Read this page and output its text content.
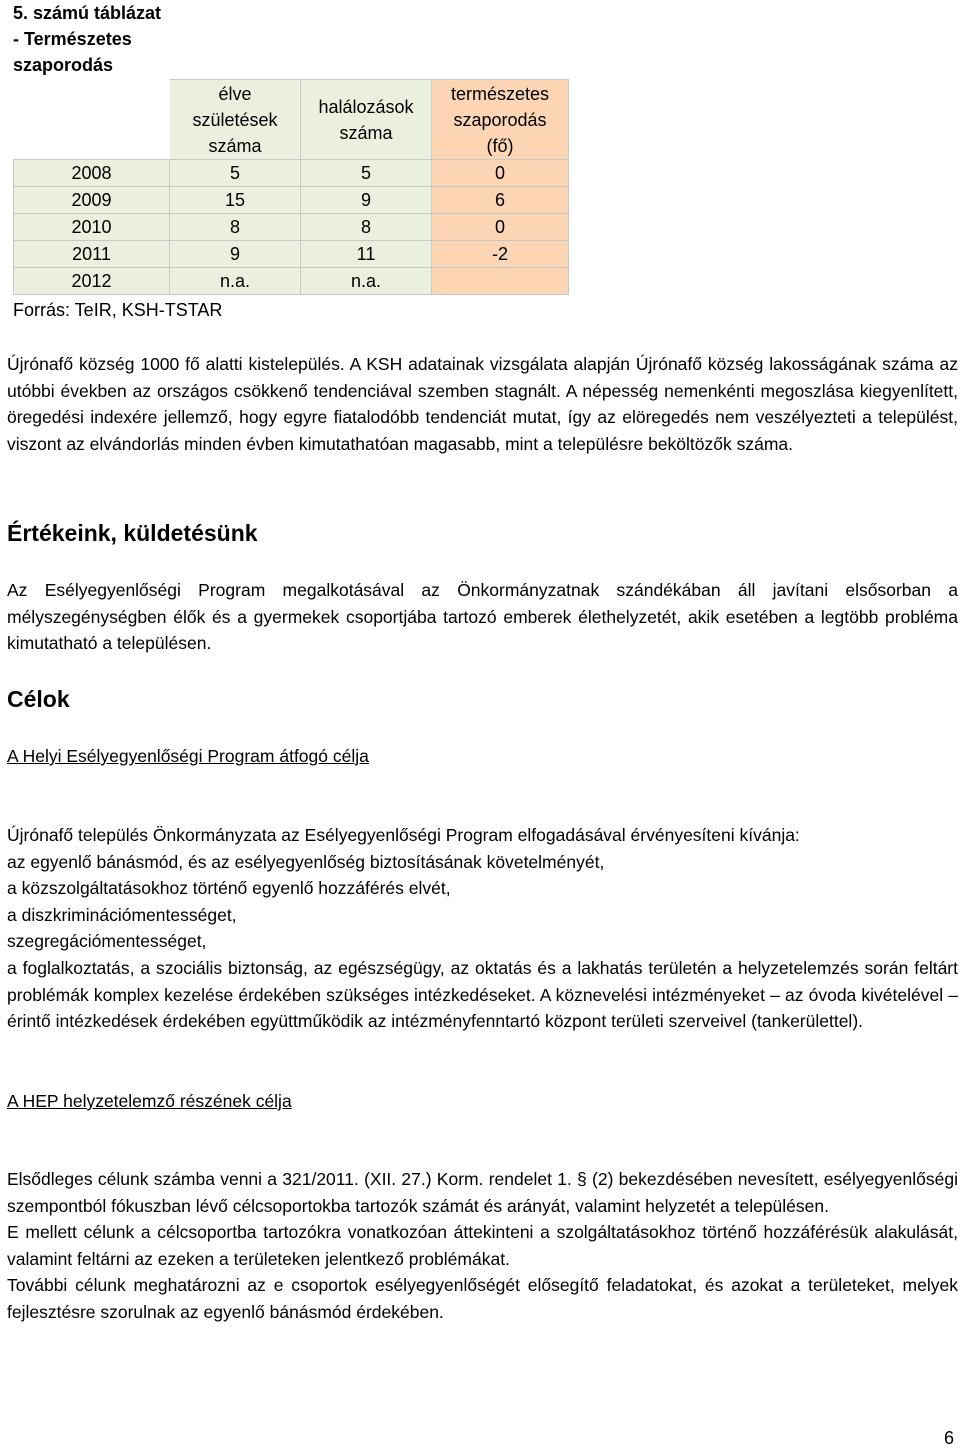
5. számú táblázat
- Természetes
szaporodás

	élve
születések
száma	halálozások
száma	természetes
szaporodás
(fő)

2008	5	5	0
2009	15	9	6
2010	8	8	0
2011	9	11	-2
2012	n.a.	n.a.	
Forrás: TeIR, KSH-TSTAR

Újrónafő község 1000 fő alatti kistelepülés. A KSH adatainak vizsgálata alapján Újrónafő község lakosságának száma az utóbbi években az országos csökkenő tendenciával szemben stagnált. A népesség nemenkénti megoszlása kiegyenlített, öregedési indexére jellemző, hogy egyre fiatalodóbb tendenciát mutat, így az elöregedés nem veszélyezteti a települést, viszont az elvándorlás minden évben kimutathatóan magasabb, mint a településre beköltözők száma.

Értékeink, küldetésünk

Az Esélyegyenlőségi Program megalkotásával az Önkormányzatnak szándékában áll javítani elsősorban a mélyszegénységben élők és a gyermekek csoportjába tartozó emberek élethelyzetét, akik esetében a legtöbb probléma kimutatható a településen.

Célok
A Helyi Esélyegyenlőségi Program átfogó célja
Újrónafő település Önkormányzata az Esélyegyenlőségi Program elfogadásával érvényesíteni kívánja:
az egyenlő bánásmód, és az esélyegyenlőség biztosításának követelményét,
a közszolgáltatásokhoz történő egyenlő hozzáférés elvét,
a diszkriminációmentességet,
szegregációmentességet,
a foglalkoztatás, a szociális biztonság, az egészségügy, az oktatás és a lakhatás területén a helyzetelemzés során feltárt problémák komplex kezelése érdekében szükséges intézkedéseket. A köznevelési intézményeket – az óvoda kivételével – érintő intézkedések érdekében együttműködik az intézményfenntartó központ területi szerveivel (tankerülettel).
A HEP helyzetelemző részének célja
Elsődleges célunk számba venni a 321/2011. (XII. 27.) Korm. rendelet 1. § (2) bekezdésében nevesített, esélyegyenlőségi szempontból fókuszban lévő célcsoportokba tartozók számát és arányát, valamint helyzetét a településen.
E mellett célunk a célcsoportba tartozókra vonatkozóan áttekinteni a szolgáltatásokhoz történő hozzáférésük alakulását, valamint feltárni az ezeken a területeken jelentkező problémákat.
További célunk meghatározni az e csoportok esélyegyenlőségét elősegítő feladatokat, és azokat a területeket, melyek fejlesztésre szorulnak az egyenlő bánásmód érdekében.
6
